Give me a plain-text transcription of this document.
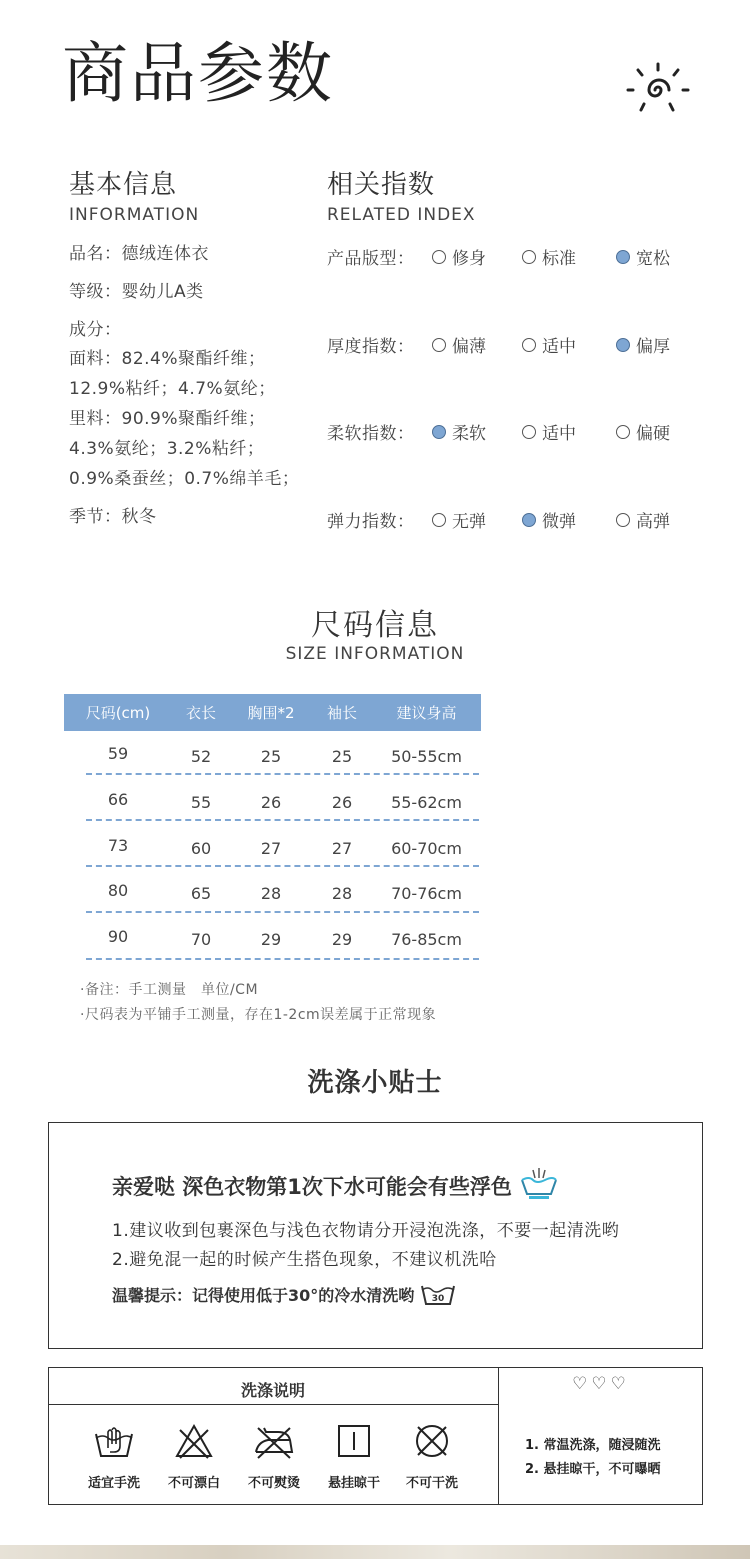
商品参数
基本信息
INFORMATION
品名：德绒连体衣
等级：婴幼儿A类
成分：
面料：82.4%聚酯纤维；
12.9%粘纤；4.7%氨纶；
里料：90.9%聚酯纤维；
4.3%氨纶；3.2%粘纤；
0.9%桑蚕丝；0.7%绵羊毛；
季节：秋冬
相关指数
RELATED INDEX
产品版型： 修身	标准	宽松
厚度指数： 偏薄	适中	偏厚
柔软指数： 柔软	适中	偏硬
弹力指数： 无弹	微弹	高弹
尺码信息
SIZE INFORMATION
尺码(cm)	衣长	胸围*2	袖长	建议身高
59	52	25	25	50-55cm
66	55	26	26	55-62cm
73	60	27	27	60-70cm
80	65	28	28	70-76cm
90	70	29	29	76-85cm
·备注：手工测量　单位/CM
·尺码表为平铺手工测量，存在1-2cm误差属于正常现象
洗涤小贴士
亲爱哒 深色衣物第1次下水可能会有些浮色
1.建议收到包裹深色与浅色衣物请分开浸泡洗涤，不要一起清洗哟
2.避免混一起的时候产生搭色现象，不建议机洗哈
温馨提示：记得使用低于30°的冷水清洗哟 30
洗涤说明	♡♡♡
适宜手洗	不可漂白	不可熨烫	悬挂晾干	不可干洗
1. 常温洗涤，随浸随洗
2. 悬挂晾干，不可曝晒
